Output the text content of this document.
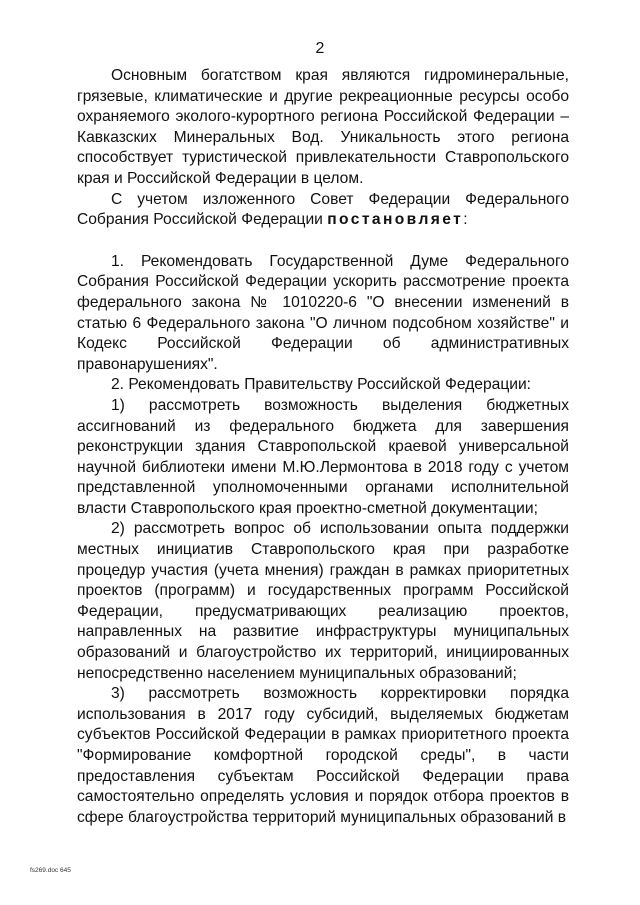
2

Основным богатством края являются гидроминеральные, грязевые, климатические и другие рекреационные ресурсы особо охраняемого эколого-курортного региона Российской Федерации – Кавказских Минеральных Вод. Уникальность этого региона способствует туристической привлекательности Ставропольского края и Российской Федерации в целом.

С учетом изложенного Совет Федерации Федерального Собрания Российской Федерации постановляет:

1. Рекомендовать Государственной Думе Федерального Собрания Российской Федерации ускорить рассмотрение проекта федерального закона № 1010220-6 "О внесении изменений в статью 6 Федерального закона "О личном подсобном хозяйстве" и Кодекс Российской Федерации об административных правонарушениях".

2. Рекомендовать Правительству Российской Федерации:

1) рассмотреть возможность выделения бюджетных ассигнований из федерального бюджета для завершения реконструкции здания Ставропольской краевой универсальной научной библиотеки имени М.Ю.Лермонтова в 2018 году с учетом представленной уполномоченными органами исполнительной власти Ставропольского края проектно-сметной документации;

2) рассмотреть вопрос об использовании опыта поддержки местных инициатив Ставропольского края при разработке процедур участия (учета мнения) граждан в рамках приоритетных проектов (программ) и государственных программ Российской Федерации, предусматривающих реализацию проектов, направленных на развитие инфраструктуры муниципальных образований и благоустройство их территорий, инициированных непосредственно населением муниципальных образований;

3) рассмотреть возможность корректировки порядка использования в 2017 году субсидий, выделяемых бюджетам субъектов Российской Федерации в рамках приоритетного проекта "Формирование комфортной городской среды", в части предоставления субъектам Российской Федерации права самостоятельно определять условия и порядок отбора проектов в сфере благоустройства территорий муниципальных образований в

fs269.doc 645
